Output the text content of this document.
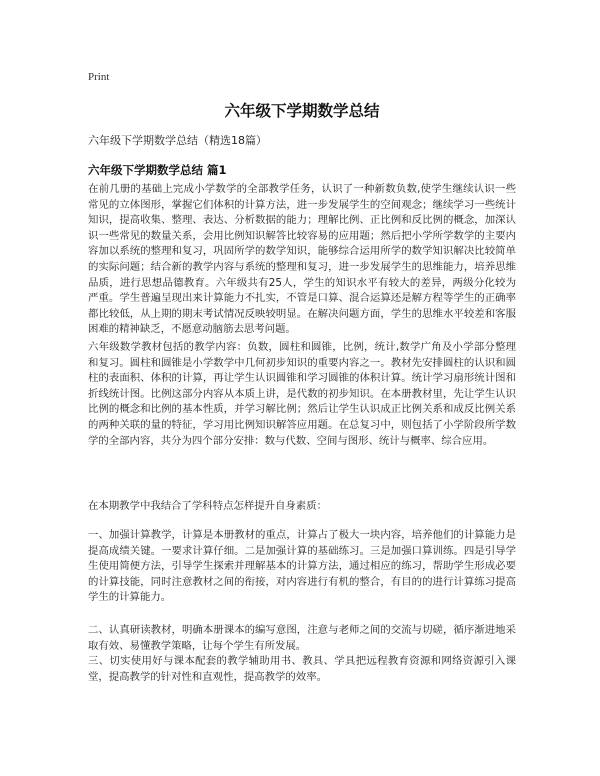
Print
六年级下学期数学总结
六年级下学期数学总结（精选18篇）
六年级下学期数学总结 篇1

在前几册的基础上完成小学数学的全部教学任务，认识了一种新数负数,使学生继续认识一些常见的立体图形，掌握它们体积的计算方法，进一步发展学生的空间观念；继续学习一些统计知识，提高收集、整理、表达、分析数据的能力；理解比例、正比例和反比例的概念，加深认识一些常见的数量关系，会用比例知识解答比较容易的应用题；然后把小学所学数学的主要内容加以系统的整理和复习，巩固所学的数学知识，能够综合运用所学的数学知识解决比较简单的实际问题；结合新的教学内容与系统的整理和复习，进一步发展学生的思维能力，培养思维品质，进行思想品德教育。六年级共有25人，学生的知识水平有较大的差异，两级分化较为严重。学生普遍呈现出来计算能力不扎实，不管是口算、混合运算还是解方程等学生的正确率都比较低，从上期的期末考试情况反映较明显。在解决问题方面，学生的思维水平较差和客服困难的精神缺乏，不愿意动脑筋去思考问题。

六年级数学教材包括的教学内容：负数，圆柱和圆锥，比例，统计,数学广角及小学部分整理和复习。圆柱和圆锥是小学数学中几何初步知识的重要内容之一。教材先安排圆柱的认识和圆柱的表面积、体积的计算，再让学生认识圆锥和学习圆锥的体积计算。统计学习扇形统计图和折线统计图。比例这部分内容从本质上讲，是代数的初步知识。在本册教材里，先让学生认识比例的概念和比例的基本性质，并学习解比例；然后让学生认识成正比例关系和成反比例关系的两种关联的量的特征，学习用比例知识解答应用题。在总复习中，则包括了小学阶段所学数学的全部内容，共分为四个部分安排：数与代数、空间与图形、统计与概率、综合应用。

在本期教学中我结合了学科特点怎样提升自身素质：

一、加强计算教学，计算是本册教材的重点，计算占了极大一块内容，培养他们的计算能力是提高成绩关键。一要求计算仔细。二是加强计算的基础练习。三是加强口算训练。四是引导学生使用简便方法，引导学生探索并理解基本的计算方法，通过相应的练习，帮助学生形成必要的计算技能，同时注意教材之间的衔接，对内容进行有机的整合，有目的的进行计算练习提高学生的计算能力。

二、认真研读教材，明确本册课本的编写意图，注意与老师之间的交流与切磋，循序渐进地采取有效、易懂教学策略，让每个学生有所发展。

三、切实使用好与课本配套的教学辅助用书、教具、学具把远程教育资源和网络资源引入课堂，提高教学的针对性和直观性，提高教学的效率。
